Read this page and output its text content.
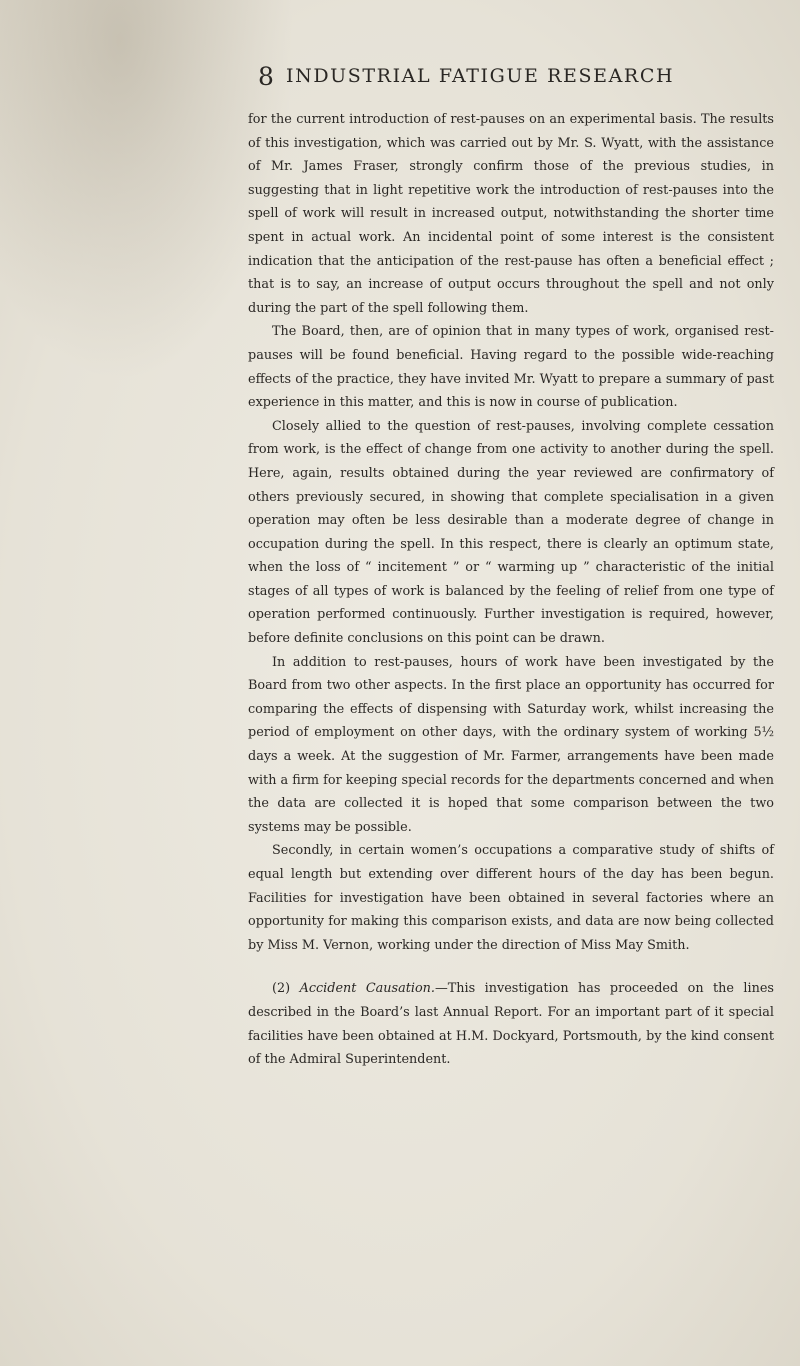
8 INDUSTRIAL FATIGUE RESEARCH

for the current introduction of rest-pauses on an experimental basis. The results of this investigation, which was carried out by Mr. S. Wyatt, with the assistance of Mr. James Fraser, strongly confirm those of the previous studies, in suggesting that in light repetitive work the introduction of rest-pauses into the spell of work will result in increased output, notwithstanding the shorter time spent in actual work. An incidental point of some interest is the consistent indication that the anticipation of the rest-pause has often a beneficial effect ; that is to say, an increase of output occurs throughout the spell and not only during the part of the spell following them.

The Board, then, are of opinion that in many types of work, organised rest-pauses will be found beneficial. Having regard to the possible wide-reaching effects of the practice, they have invited Mr. Wyatt to prepare a summary of past experience in this matter, and this is now in course of publication.

Closely allied to the question of rest-pauses, involving complete cessation from work, is the effect of change from one activity to another during the spell. Here, again, results obtained during the year reviewed are confirmatory of others previously secured, in showing that complete specialisation in a given operation may often be less desirable than a moderate degree of change in occupation during the spell. In this respect, there is clearly an optimum state, when the loss of “ incitement ” or “ warming up ” characteristic of the initial stages of all types of work is balanced by the feeling of relief from one type of operation performed continuously. Further investigation is required, however, before definite conclusions on this point can be drawn.

In addition to rest-pauses, hours of work have been investigated by the Board from two other aspects. In the first place an opportunity has occurred for comparing the effects of dispensing with Saturday work, whilst increasing the period of employment on other days, with the ordinary system of working 5½ days a week. At the suggestion of Mr. Farmer, arrangements have been made with a firm for keeping special records for the departments concerned and when the data are collected it is hoped that some comparison between the two systems may be possible.

Secondly, in certain women’s occupations a comparative study of shifts of equal length but extending over different hours of the day has been begun. Facilities for investigation have been obtained in several factories where an opportunity for making this comparison exists, and data are now being collected by Miss M. Vernon, working under the direction of Miss May Smith.

(2) Accident Causation.—This investigation has proceeded on the lines described in the Board’s last Annual Report. For an important part of it special facilities have been obtained at H.M. Dockyard, Portsmouth, by the kind consent of the Admiral Superintendent.
